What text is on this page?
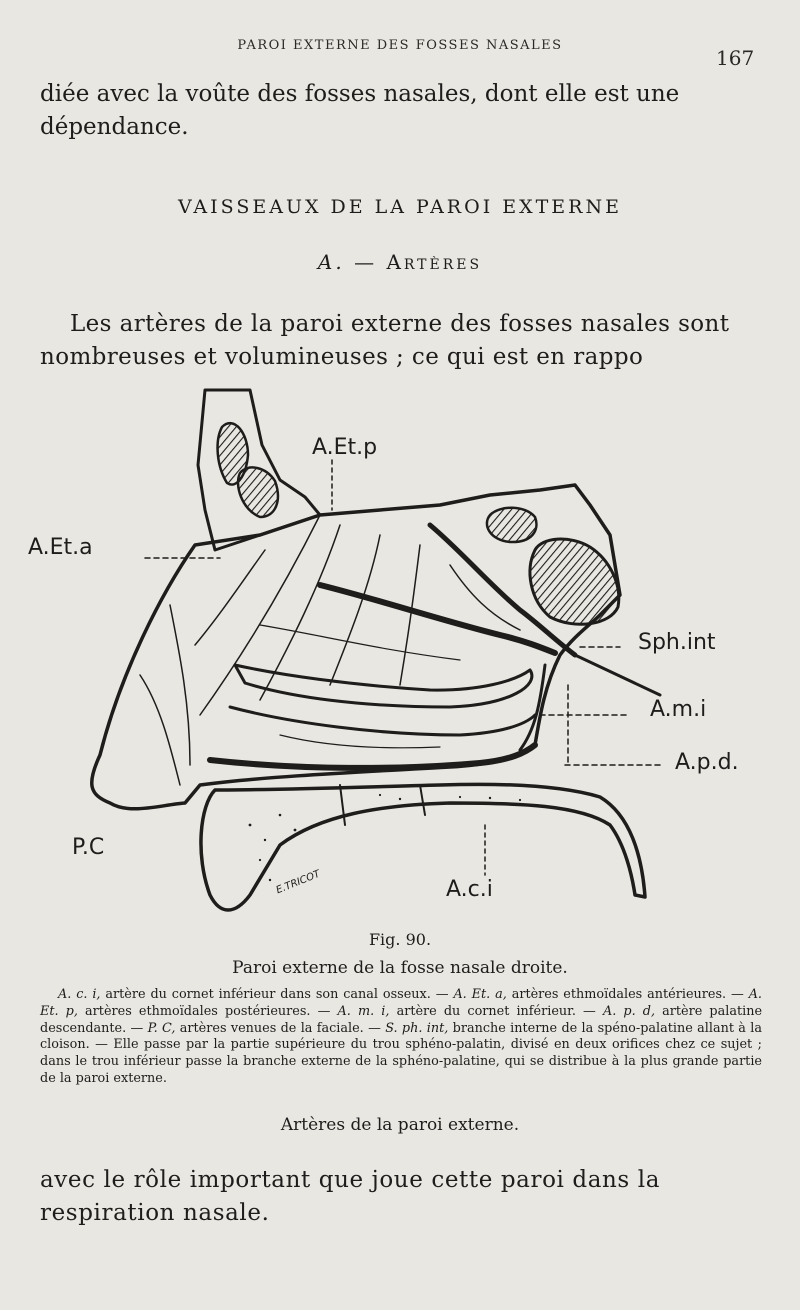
PAROI EXTERNE DES FOSSES NASALES
167

diée avec la voûte des fosses nasales, dont elle est une dépendance.

VAISSEAUX DE LA PAROI EXTERNE
A. — Artères

Les artères de la paroi externe des fosses nasales sont nombreuses et volumineuses ; ce qui est en rappo

A.Et.p
A.Et.a
Sph.int
A.m.i
A.p.d.
P.C
A.c.i
E.TRICOT
Fig. 90.
Paroi externe de la fosse nasale droite.

A. c. i, artère du cornet inférieur dans son canal osseux. — A. Et. a, artères ethmoïdales antérieures. — A. Et. p, artères ethmoïdales postérieures. — A. m. i, artère du cornet inférieur. — A. p. d, artère palatine descendante. — P. C, artères venues de la faciale. — S. ph. int, branche interne de la spéno-palatine allant à la cloison. — Elle passe par la partie supérieure du trou sphéno-palatin, divisé en deux orifices chez ce sujet ; dans le trou inférieur passe la branche externe de la sphéno-palatine, qui se distribue à la plus grande partie de la paroi externe.

Artères de la paroi externe.

avec le rôle important que joue cette paroi dans la respiration nasale.
